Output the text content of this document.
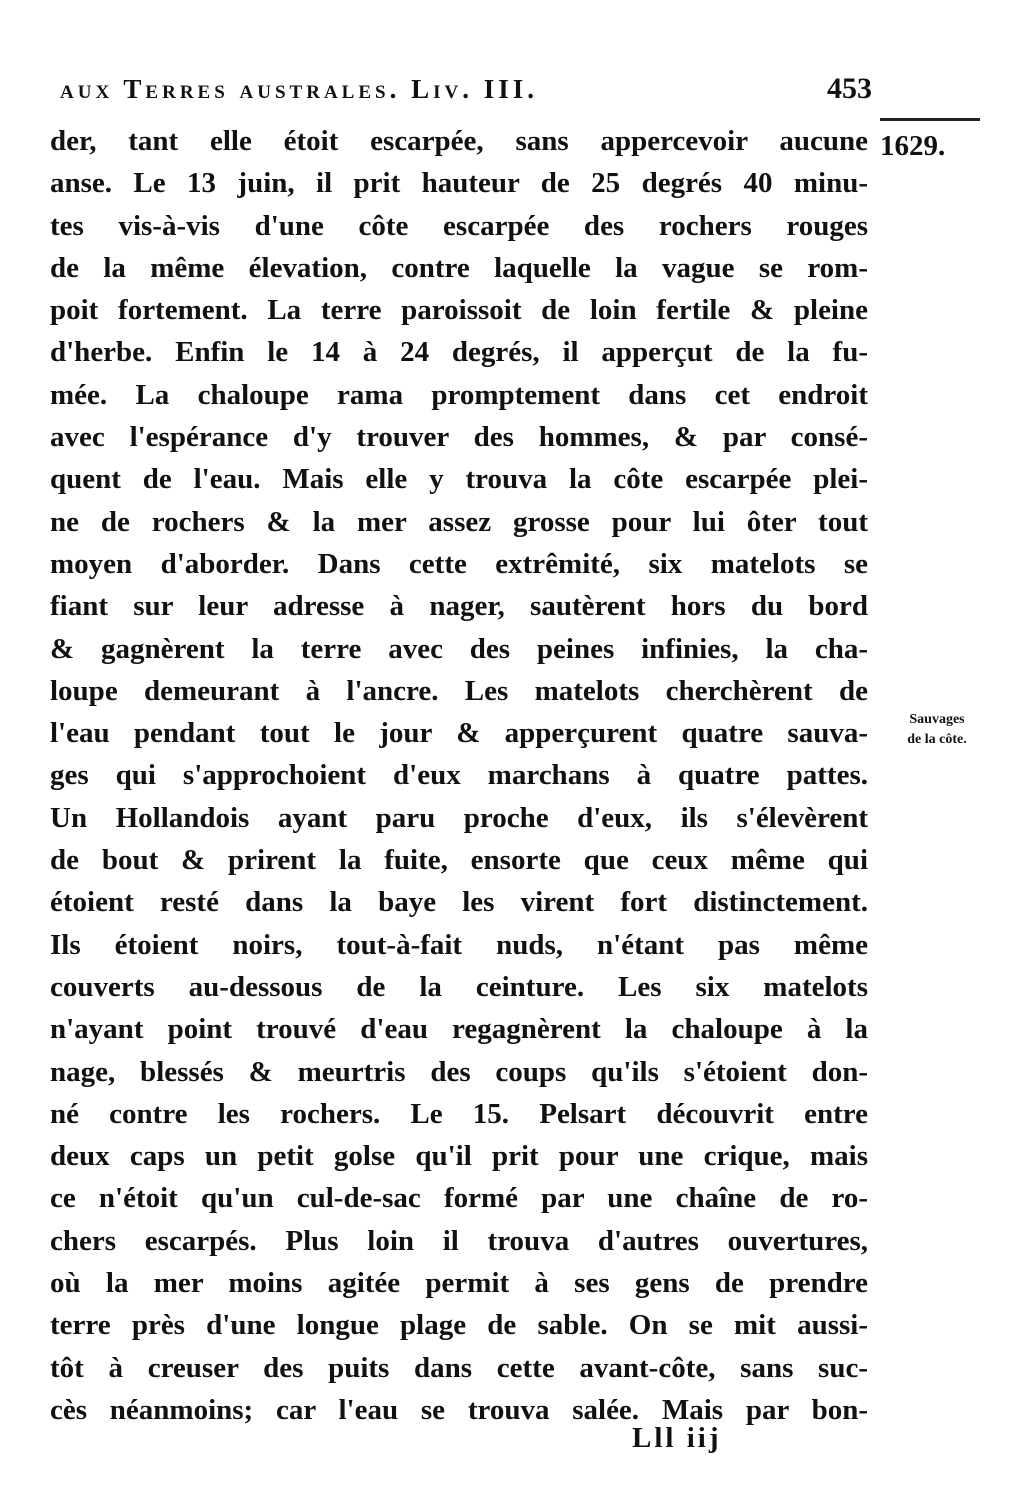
aux Terres australes. Liv. III.	453
1629.
der, tant elle étoit escarpée, sans appercevoir aucune
anse. Le 13 juin, il prit hauteur de 25 degrés 40 minu-
tes vis-à-vis d'une côte escarpée des rochers rouges
de la même élevation, contre laquelle la vague se rom-
poit fortement. La terre paroissoit de loin fertile & pleine
d'herbe. Enfin le 14 à 24 degrés, il apperçut de la fu-
mée. La chaloupe rama promptement dans cet endroit
avec l'espérance d'y trouver des hommes, & par consé-
quent de l'eau. Mais elle y trouva la côte escarpée plei-
ne de rochers & la mer assez grosse pour lui ôter tout
moyen d'aborder. Dans cette extrêmité, six matelots se
fiant sur leur adresse à nager, sautèrent hors du bord
& gagnèrent la terre avec des peines infinies, la cha-
loupe demeurant à l'ancre. Les matelots cherchèrent de
l'eau pendant tout le jour & apperçurent quatre sauva-
ges qui s'approchoient d'eux marchans à quatre pattes.
Un Hollandois ayant paru proche d'eux, ils s'élevèrent
de bout & prirent la fuite, ensorte que ceux même qui
étoient resté dans la baye les virent fort distinctement.
Ils étoient noirs, tout-à-fait nuds, n'étant pas même
couverts au-dessous de la ceinture. Les six matelots
n'ayant point trouvé d'eau regagnèrent la chaloupe à la
nage, blessés & meurtris des coups qu'ils s'étoient don-
né contre les rochers. Le 15. Pelsart découvrit entre
deux caps un petit golse qu'il prit pour une crique, mais
ce n'étoit qu'un cul-de-sac formé par une chaîne de ro-
chers escarpés. Plus loin il trouva d'autres ouvertures,
où la mer moins agitée permit à ses gens de prendre
terre près d'une longue plage de sable. On se mit aussi-
tôt à creuser des puits dans cette avant-côte, sans suc-
cès néanmoins; car l'eau se trouva salée. Mais par bon-
Sauvages
de la côte.
Lll iij
